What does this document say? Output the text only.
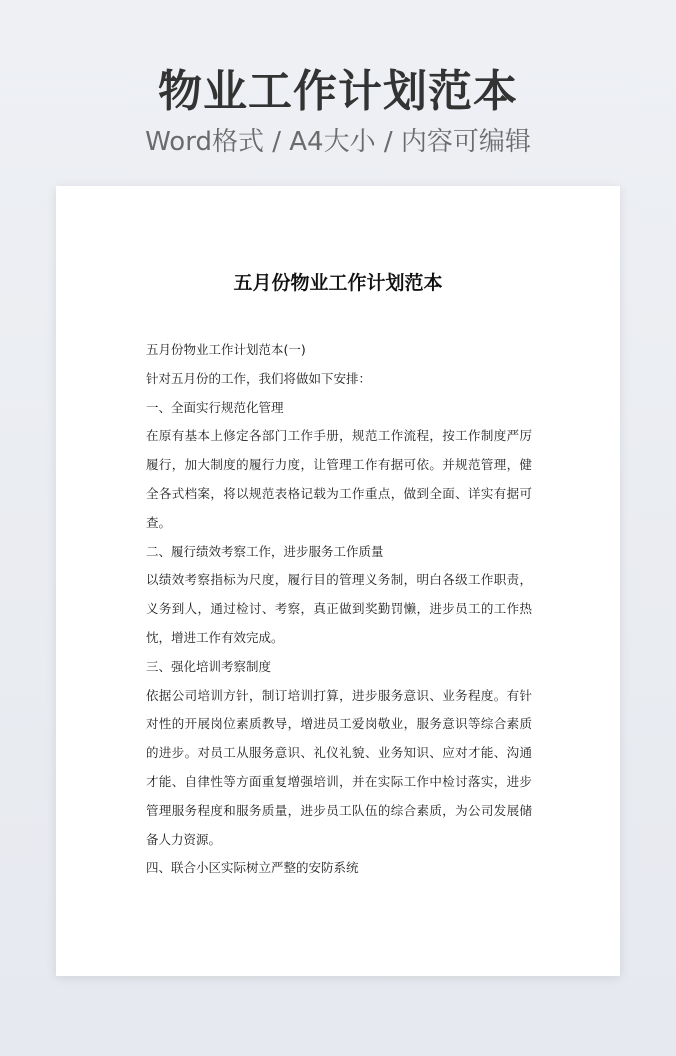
物业工作计划范本
Word格式 / A4大小 / 内容可编辑
五月份物业工作计划范本

五月份物业工作计划范本(一)

针对五月份的工作，我们将做如下安排：

一、全面实行规范化管理

在原有基本上修定各部门工作手册，规范工作流程，按工作制度严厉履行，加大制度的履行力度，让管理工作有据可依。并规范管理，健全各式档案，将以规范表格记载为工作重点，做到全面、详实有据可查。

二、履行绩效考察工作，进步服务工作质量

以绩效考察指标为尺度，履行目的管理义务制，明白各级工作职责，义务到人，通过检讨、考察，真正做到奖勤罚懒，进步员工的工作热忱，增进工作有效完成。

三、强化培训考察制度

依据公司培训方针，制订培训打算，进步服务意识、业务程度。有针对性的开展岗位素质教导，增进员工爱岗敬业，服务意识等综合素质的进步。对员工从服务意识、礼仪礼貌、业务知识、应对才能、沟通才能、自律性等方面重复增强培训，并在实际工作中检讨落实，进步管理服务程度和服务质量，进步员工队伍的综合素质，为公司发展储备人力资源。

四、联合小区实际树立严整的安防系统
